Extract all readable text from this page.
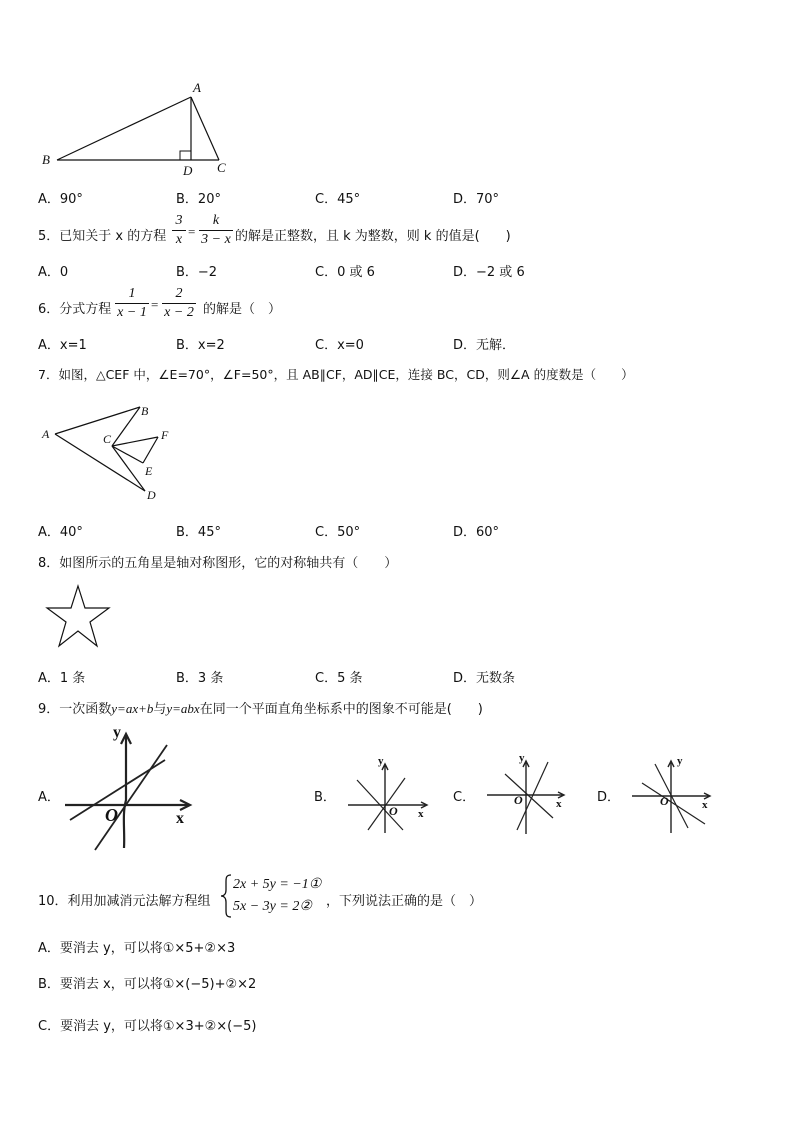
A
B
D C
A．90°	B．20°	C．45°	D．70°
5．已知关于 x 的方程
3
x
=
k
3 − x 的解是正整数，且 k 为整数，则 k 的值是(　　)
A．0	B．−2	C．0 或 6	D．−2 或 6
6．分式方程
1
x − 1
=
2
x − 2 的解是（　）
A．x=1	B．x=2	C．x=0	D．无解．
7．如图，△CEF 中，∠E=70°，∠F=50°，且 AB∥CF，AD∥CE，连接 BC，CD，则∠A 的度数是（　　）
A
B
C	F
E
D
A．40°	B．45°	C．50°	D．60°
8．如图所示的五角星是轴对称图形，它的对称轴共有（　　）
A．1 条	B．3 条	C．5 条	D．无数条
9．一次函数y=ax+b与y=abx在同一个平面直角坐标系中的图象不可能是(　　)
A．	B．	C．	D．
y
x
O
y
x
O
y
x
O
y
x
O
10．利用加减消元法解方程组
2x + 5y = −1①
5x − 3y = 2② ，下列说法正确的是（　）
A．要消去 y，可以将①×5+②×3
B．要消去 x，可以将①×(−5)+②×2
C．要消去 y，可以将①×3+②×(−5)
